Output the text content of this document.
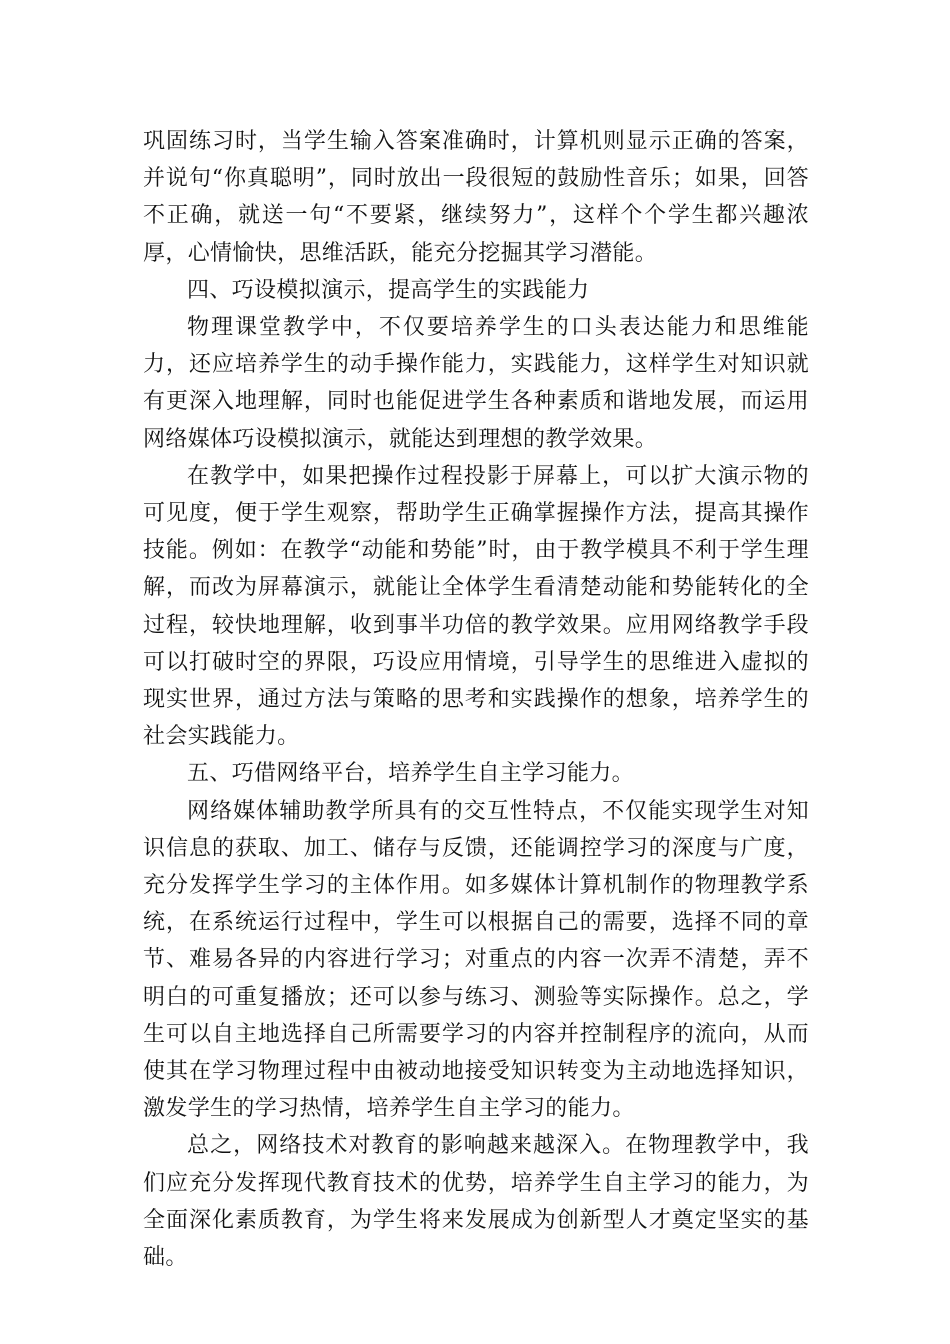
巩固练习时，当学生输入答案准确时，计算机则显示正确的答案，并说句“你真聪明”，同时放出一段很短的鼓励性音乐；如果，回答不正确，就送一句“不要紧，继续努力”，这样个个学生都兴趣浓厚，心情愉快，思维活跃，能充分挖掘其学习潜能。

四、巧设模拟演示，提高学生的实践能力

物理课堂教学中，不仅要培养学生的口头表达能力和思维能力，还应培养学生的动手操作能力，实践能力，这样学生对知识就有更深入地理解，同时也能促进学生各种素质和谐地发展，而运用网络媒体巧设模拟演示，就能达到理想的教学效果。

在教学中，如果把操作过程投影于屏幕上，可以扩大演示物的可见度，便于学生观察，帮助学生正确掌握操作方法，提高其操作技能。例如：在教学“动能和势能”时，由于教学模具不利于学生理解，而改为屏幕演示，就能让全体学生看清楚动能和势能转化的全过程，较快地理解，收到事半功倍的教学效果。应用网络教学手段可以打破时空的界限，巧设应用情境，引导学生的思维进入虚拟的现实世界，通过方法与策略的思考和实践操作的想象，培养学生的社会实践能力。

五、巧借网络平台，培养学生自主学习能力。

网络媒体辅助教学所具有的交互性特点，不仅能实现学生对知识信息的获取、加工、储存与反馈，还能调控学习的深度与广度，充分发挥学生学习的主体作用。如多媒体计算机制作的物理教学系统，在系统运行过程中，学生可以根据自己的需要，选择不同的章节、难易各异的内容进行学习；对重点的内容一次弄不清楚，弄不明白的可重复播放；还可以参与练习、测验等实际操作。总之，学生可以自主地选择自己所需要学习的内容并控制程序的流向，从而使其在学习物理过程中由被动地接受知识转变为主动地选择知识，激发学生的学习热情，培养学生自主学习的能力。

总之，网络技术对教育的影响越来越深入。在物理教学中，我们应充分发挥现代教育技术的优势，培养学生自主学习的能力，为全面深化素质教育，为学生将来发展成为创新型人才奠定坚实的基础。
